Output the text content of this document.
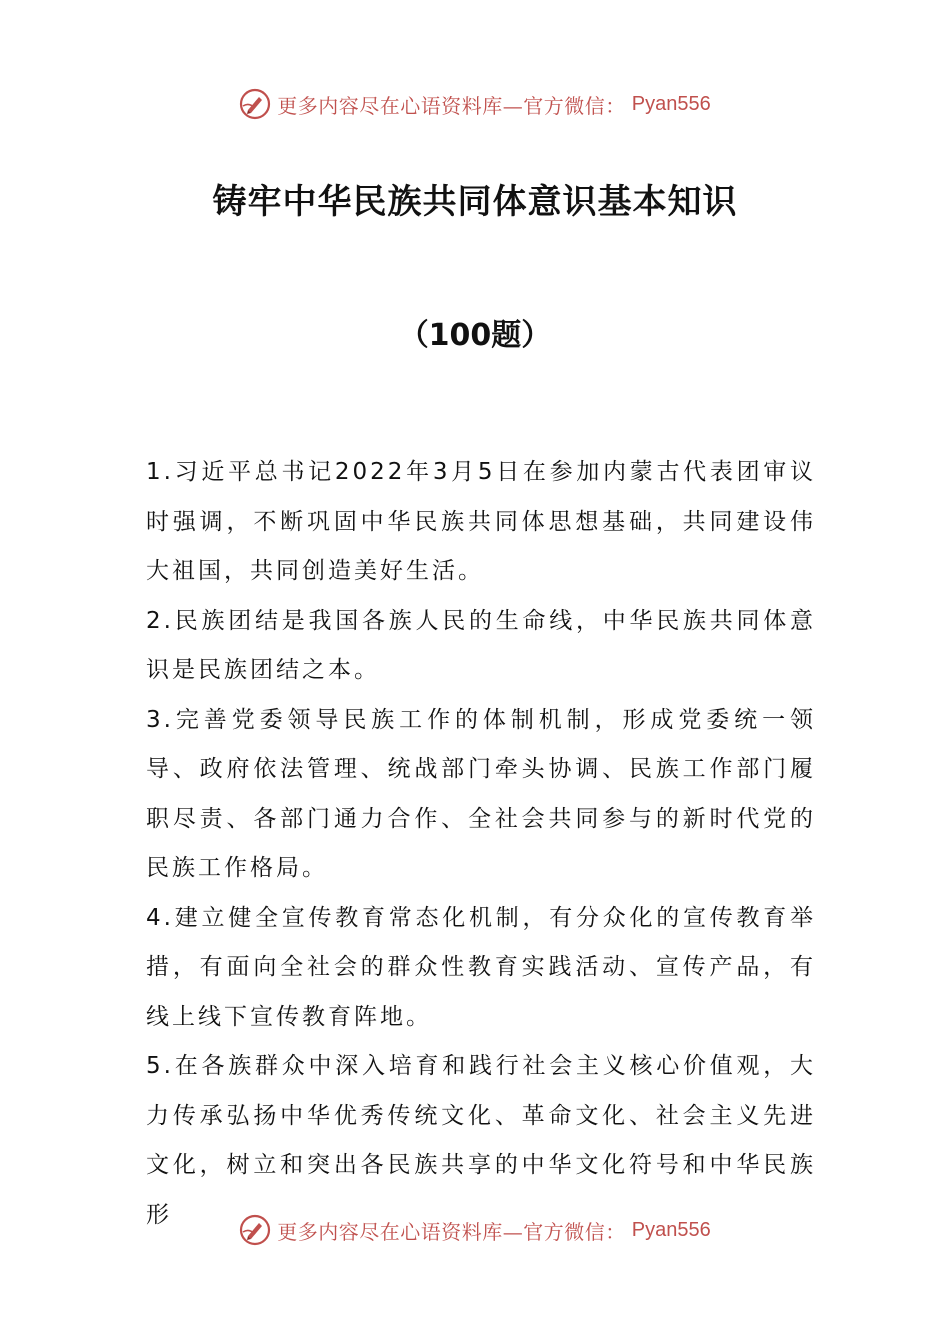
更多内容尽在心语资料库—官方微信： Pyan556
铸牢中华民族共同体意识基本知识
（100题）
1.习近平总书记2022年3月5日在参加内蒙古代表团审议时强调，不断巩固中华民族共同体思想基础，共同建设伟大祖国，共同创造美好生活。
2.民族团结是我国各族人民的生命线，中华民族共同体意识是民族团结之本。
3.完善党委领导民族工作的体制机制，形成党委统一领导、政府依法管理、统战部门牵头协调、民族工作部门履职尽责、各部门通力合作、全社会共同参与的新时代党的民族工作格局。
4.建立健全宣传教育常态化机制，有分众化的宣传教育举措，有面向全社会的群众性教育实践活动、宣传产品，有线上线下宣传教育阵地。
5.在各族群众中深入培育和践行社会主义核心价值观，大力传承弘扬中华优秀传统文化、革命文化、社会主义先进文化，树立和突出各民族共享的中华文化符号和中华民族形
更多内容尽在心语资料库—官方微信： Pyan556
